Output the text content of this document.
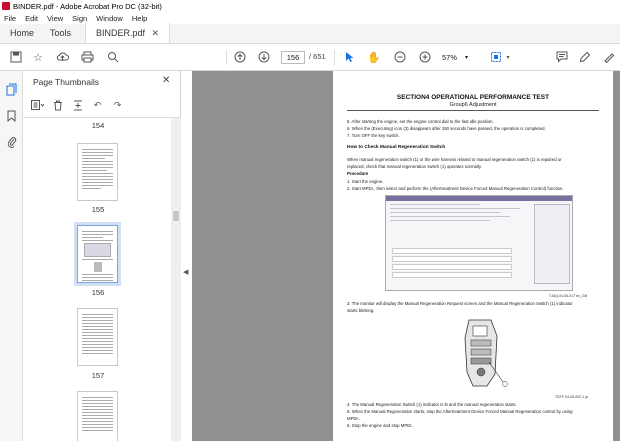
BINDER.pdf - Adobe Acrobat Pro DC (32-bit)
File Edit View Sign Window Help
Home	Tools	BINDER.pdf ✕
☆	156	/ 651	✋	57% ▾	▾
Page Thumbnails	✕
↶	↷
154
155
156
157
◀
SECTION4 OPERATIONAL PERFORMANCE TEST
Group6 Adjustment
5. After starting the engine, set the engine control dial to the fast idle position.
6. When the (Executing) icon (3) disappears after 150 seconds have passed, the operation is completed.
7. Turn OFF the key switch.
How to Check Manual Regeneration Switch
When manual regeneration switch (1) or the wire harness related to manual regeneration switch (1) is repaired or
replaced, check that manual regeneration switch (1) operates normally.
Procedure
1. Start the engine.
2. Start MPDr., then select and perform the (Aftertreatment Device Forced Manual Regeneration Control) function.
TJAQ-04-06-017 en_GB
3. The monitor will display the Manual Regeneration Request screen and the Manual Regeneration Switch (1) indicator
starts blinking.
TDFF-04-06-002-1 ja
4. The Manual Regeneration Switch (1) indicator is lit and the manual regeneration starts.
5. When the Manual Regeneration starts, stop the Aftertreatment Device Forced Manual Regeneration control by using
MPDr..
6. Stop the engine and stop MPDr..
